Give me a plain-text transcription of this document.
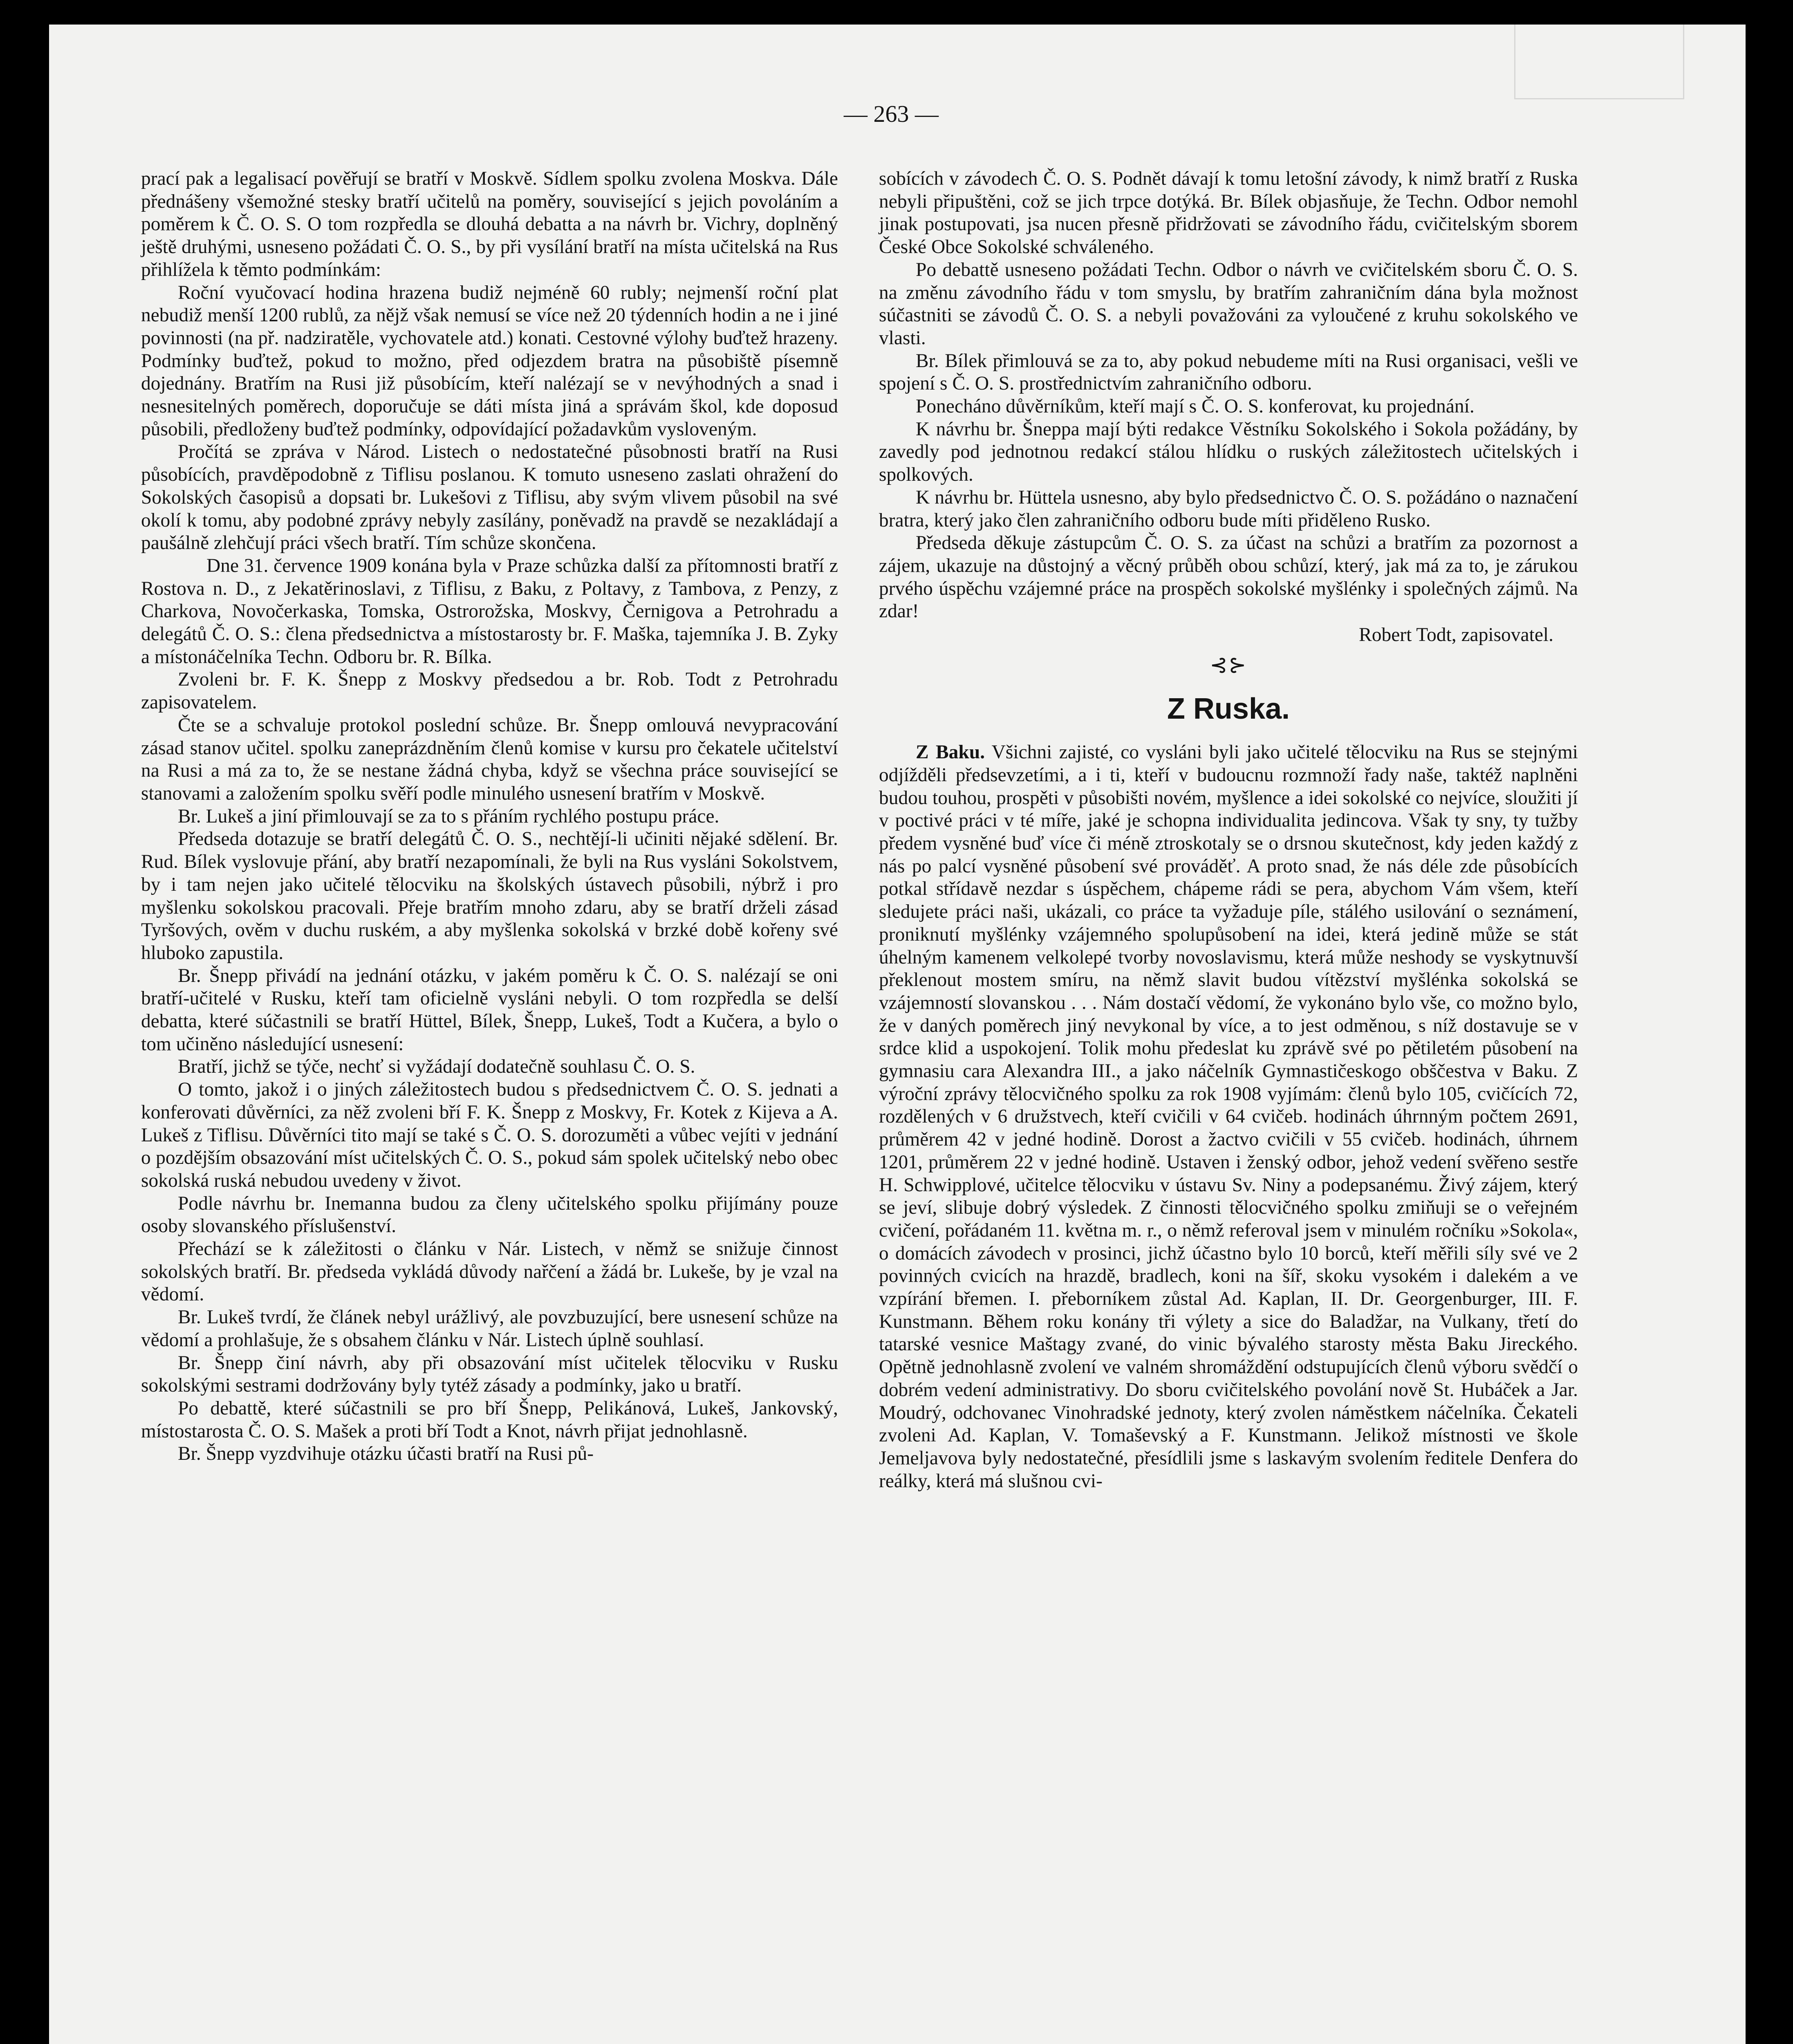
— 263 —

prací pak a legalisací pověřují se bratří v Moskvě. Sídlem spolku zvolena Moskva. Dále přednášeny všemožné stesky bratří učitelů na poměry, související s jejich povoláním a poměrem k Č. O. S. O tom rozpředla se dlouhá debatta a na návrh br. Vichry, doplněný ještě druhými, usneseno požádati Č. O. S., by při vysílání bratří na místa učitelská na Rus přihlížela k těmto podmínkám:

Roční vyučovací hodina hrazena budiž nejméně 60 rubly; nejmenší roční plat nebudiž menší 1200 rublů, za nějž však nemusí se více než 20 týdenních hodin a ne i jiné povinnosti (na př. nadziratěle, vychovatele atd.) konati. Cestovné výlohy buďtež hrazeny. Podmínky buďtež, pokud to možno, před odjezdem bratra na působiště písemně dojednány. Bratřím na Rusi již působícím, kteří nalézají se v nevýhodných a snad i nesnesitelných poměrech, doporučuje se dáti místa jiná a správám škol, kde doposud působili, předloženy buďtež podmínky, odpovídající požadavkům vysloveným.

Pročítá se zpráva v Národ. Listech o nedostatečné působnosti bratří na Rusi působících, pravděpodobně z Tiflisu poslanou. K tomuto usneseno zaslati ohražení do Sokolských časopisů a dopsati br. Lukešovi z Tiflisu, aby svým vlivem působil na své okolí k tomu, aby podobné zprávy nebyly zasílány, poněvadž na pravdě se nezakládají a paušálně zlehčují práci všech bratří. Tím schůze skončena.

Dne 31. července 1909 konána byla v Praze schůzka další za přítomnosti bratří z Rostova n. D., z Jekatěrinoslavi, z Tiflisu, z Baku, z Poltavy, z Tambova, z Penzy, z Charkova, Novočerkaska, Tomska, Ostrorožska, Moskvy, Černigova a Petrohradu a delegátů Č. O. S.: člena předsednictva a místostarosty br. F. Maška, tajemníka J. B. Zyky a místonáčelníka Techn. Odboru br. R. Bílka.

Zvoleni br. F. K. Šnepp z Moskvy předsedou a br. Rob. Todt z Petrohradu zapisovatelem.

Čte se a schvaluje protokol poslední schůze. Br. Šnepp omlouvá nevypracování zásad stanov učitel. spolku zaneprázdněním členů komise v kursu pro čekatele učitelství na Rusi a má za to, že se nestane žádná chyba, když se všechna práce související se stanovami a založením spolku svěří podle minulého usnesení bratřím v Moskvě.

Br. Lukeš a jiní přimlouvají se za to s přáním rychlého postupu práce.

Předseda dotazuje se bratří delegátů Č. O. S., nechtějí-li učiniti nějaké sdělení. Br. Rud. Bílek vyslovuje přání, aby bratří nezapomínali, že byli na Rus vysláni Sokolstvem, by i tam nejen jako učitelé tělocviku na školských ústavech působili, nýbrž i pro myšlenku sokolskou pracovali. Přeje bratřím mnoho zdaru, aby se bratří drželi zásad Tyršových, ověm v duchu ruském, a aby myšlenka sokolská v brzké době kořeny své hluboko zapustila.

Br. Šnepp přivádí na jednání otázku, v jakém poměru k Č. O. S. nalézají se oni bratří-učitelé v Rusku, kteří tam oficielně vysláni nebyli. O tom rozpředla se delší debatta, které súčastnili se bratří Hüttel, Bílek, Šnepp, Lukeš, Todt a Kučera, a bylo o tom učiněno následující usnesení:

Bratří, jichž se týče, nechť si vyžádají dodatečně souhlasu Č. O. S.

O tomto, jakož i o jiných záležitostech budou s předsednictvem Č. O. S. jednati a konferovati důvěrníci, za něž zvoleni bří F. K. Šnepp z Moskvy, Fr. Kotek z Kijeva a A. Lukeš z Tiflisu. Důvěrníci tito mají se také s Č. O. S. dorozuměti a vůbec vejíti v jednání o pozdějším obsazování míst učitelských Č. O. S., pokud sám spolek učitelský nebo obec sokolská ruská nebudou uvedeny v život.

Podle návrhu br. Inemanna budou za členy učitelského spolku přijímány pouze osoby slovanského příslušenství.

Přechází se k záležitosti o článku v Nár. Listech, v němž se snižuje činnost sokolských bratří. Br. předseda vykládá důvody nařčení a žádá br. Lukeše, by je vzal na vědomí.

Br. Lukeš tvrdí, že článek nebyl urážlivý, ale povzbuzující, bere usnesení schůze na vědomí a prohlašuje, že s obsahem článku v Nár. Listech úplně souhlasí.

Br. Šnepp činí návrh, aby při obsazování míst učitelek tělocviku v Rusku sokolskými sestrami dodržovány byly tytéž zásady a podmínky, jako u bratří.

Po debattě, které súčastnili se pro bří Šnepp, Pelikánová, Lukeš, Jankovský, místostarosta Č. O. S. Mašek a proti bří Todt a Knot, návrh přijat jednohlasně.

Br. Šnepp vyzdvihuje otázku účasti bratří na Rusi pů-

sobících v závodech Č. O. S. Podnět dávají k tomu letošní závody, k nimž bratří z Ruska nebyli připuštěni, což se jich trpce dotýká. Br. Bílek objasňuje, že Techn. Odbor nemohl jinak postupovati, jsa nucen přesně přidržovati se závodního řádu, cvičitelským sborem České Obce Sokolské schváleného.

Po debattě usneseno požádati Techn. Odbor o návrh ve cvičitelském sboru Č. O. S. na změnu závodního řádu v tom smyslu, by bratřím zahraničním dána byla možnost súčastniti se závodů Č. O. S. a nebyli považováni za vyloučené z kruhu sokolského ve vlasti.

Br. Bílek přimlouvá se za to, aby pokud nebudeme míti na Rusi organisaci, vešli ve spojení s Č. O. S. prostřednictvím zahraničního odboru.

Ponecháno důvěrníkům, kteří mají s Č. O. S. konferovat, ku projednání.

K návrhu br. Šneppa mají býti redakce Věstníku Sokolského i Sokola požádány, by zavedly pod jednotnou redakcí stálou hlídku o ruských záležitostech učitelských i spolkových.

K návrhu br. Hüttela usnesno, aby bylo předsednictvo Č. O. S. požádáno o naznačení bratra, který jako člen zahraničního odboru bude míti přiděleno Rusko.

Předseda děkuje zástupcům Č. O. S. za účast na schůzi a bratřím za pozornost a zájem, ukazuje na důstojný a věcný průběh obou schůzí, který, jak má za to, je zárukou prvého úspěchu vzájemné práce na prospěch sokolské myšlénky i společných zájmů. Na zdar!

Robert Todt, zapisovatel.

⊰⊱
Z Ruska.

Z Baku. Všichni zajisté, co vysláni byli jako učitelé tělocviku na Rus se stejnými odjížděli předsevzetími, a i ti, kteří v budoucnu rozmnoží řady naše, taktéž naplněni budou touhou, prospěti v působišti novém, myšlence a idei sokolské co nejvíce, sloužiti jí v poctivé práci v té míře, jaké je schopna individualita jedincova. Však ty sny, ty tužby předem vysněné buď více či méně ztroskotaly se o drsnou skutečnost, kdy jeden každý z nás po palcí vysněné působení své prováděť. A proto snad, že nás déle zde působících potkal střídavě nezdar s úspěchem, chápeme rádi se pera, abychom Vám všem, kteří sledujete práci naši, ukázali, co práce ta vyžaduje píle, stálého usilování o seznámení, proniknutí myšlénky vzájemného spolupůsobení na idei, která jedině může se stát úhelným kamenem velkolepé tvorby novoslavismu, která může neshody se vyskytnuvší překlenout mostem smíru, na němž slavit budou vítězství myšlénka sokolská se vzájemností slovanskou . . . Nám dostačí vědomí, že vykonáno bylo vše, co možno bylo, že v daných poměrech jiný nevykonal by více, a to jest odměnou, s níž dostavuje se v srdce klid a uspokojení. Tolik mohu předeslat ku zprávě své po pětiletém působení na gymnasiu cara Alexandra III., a jako náčelník Gymnastičeskogo obščestva v Baku. Z výroční zprávy tělocvičného spolku za rok 1908 vyjímám: členů bylo 105, cvičících 72, rozdělených v 6 družstvech, kteří cvičili v 64 cvičeb. hodinách úhrnným počtem 2691, průměrem 42 v jedné hodině. Dorost a žactvo cvičili v 55 cvičeb. hodinách, úhrnem 1201, průměrem 22 v jedné hodině. Ustaven i ženský odbor, jehož vedení svěřeno sestře H. Schwipplové, učitelce tělocviku v ústavu Sv. Niny a podepsanému. Živý zájem, který se jeví, slibuje dobrý výsledek. Z činnosti tělocvičného spolku zmiňuji se o veřejném cvičení, pořádaném 11. května m. r., o němž referoval jsem v minulém ročníku »Sokola«, o domácích závodech v prosinci, jichž účastno bylo 10 borců, kteří měřili síly své ve 2 povinných cvicích na hrazdě, bradlech, koni na šíř, skoku vysokém i dalekém a ve vzpírání břemen. I. přeborníkem zůstal Ad. Kaplan, II. Dr. Georgenburger, III. F. Kunstmann. Během roku konány tři výlety a sice do Baladžar, na Vulkany, třetí do tatarské vesnice Maštagy zvané, do vinic bývalého starosty města Baku Jireckého. Opětně jednohlasně zvolení ve valném shromáždění odstupujících členů výboru svědčí o dobrém vedení administrativy. Do sboru cvičitelského povolání nově St. Hubáček a Jar. Moudrý, odchovanec Vinohradské jednoty, který zvolen náměstkem náčelníka. Čekateli zvoleni Ad. Kaplan, V. Tomaševský a F. Kunstmann. Jelikož místnosti ve škole Jemeljavova byly nedostatečné, přesídlili jsme s laskavým svolením ředitele Denfera do reálky, která má slušnou cvi-
